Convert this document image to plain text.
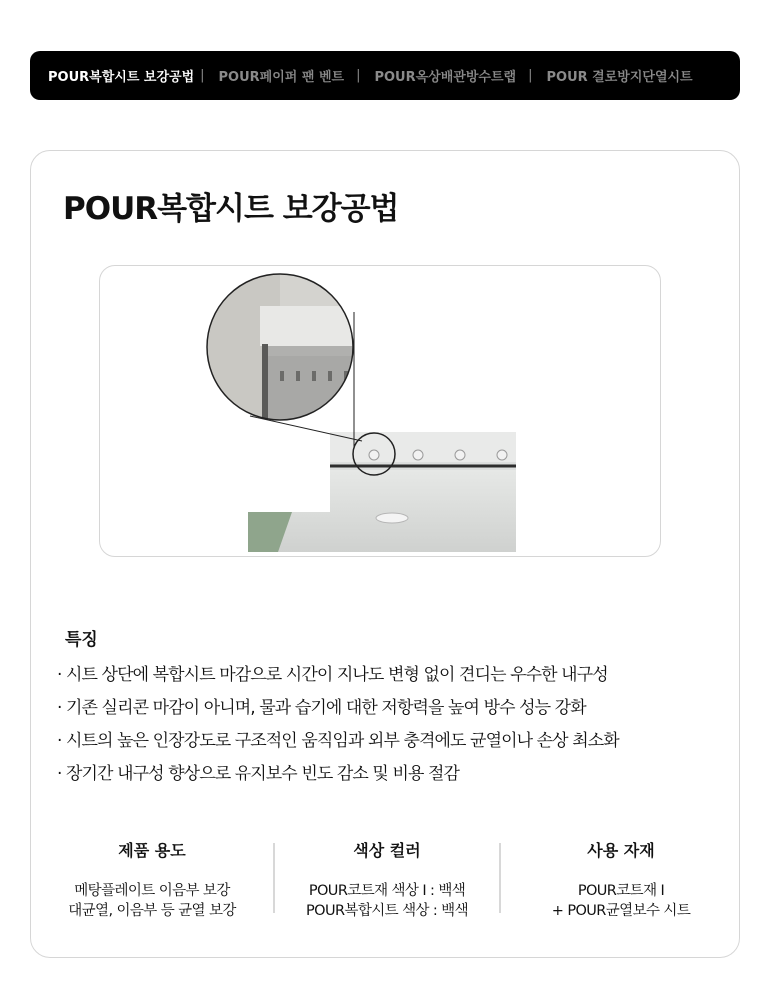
POUR복합시트 보강공법 | POUR페이퍼 팬 벤트 | POUR옥상배관방수트랩 | POUR 결로방지단열시트
POUR복합시트 보강공법
특징
· 시트 상단에 복합시트 마감으로 시간이 지나도 변형 없이 견디는 우수한 내구성
· 기존 실리콘 마감이 아니며, 물과 습기에 대한 저항력을 높여 방수 성능 강화
· 시트의 높은 인장강도로 구조적인 움직임과 외부 충격에도 균열이나 손상 최소화
· 장기간 내구성 향상으로 유지보수 빈도 감소 및 비용 절감
제품 용도
메탕플레이트 이음부 보강
대균열, 이음부 등 균열 보강
색상 컬러
POUR코트재 색상 I : 백색
POUR복합시트 색상 : 백색
사용 자재
POUR코트재 I
+ POUR균열보수 시트
